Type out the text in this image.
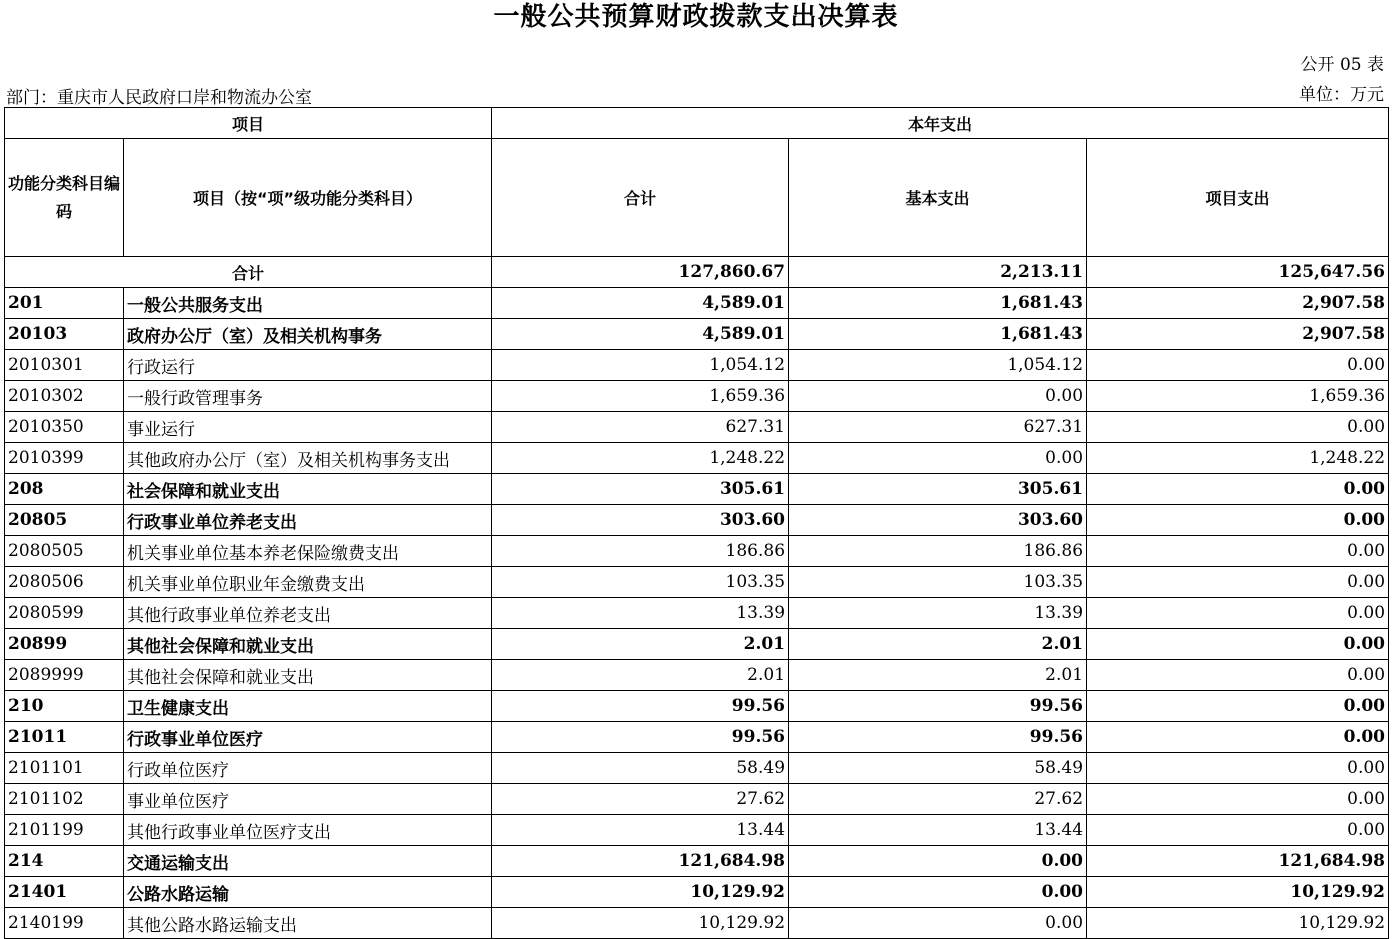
一般公共预算财政拨款支出决算表
公开 05 表
部门：重庆市人民政府口岸和物流办公室	单位：万元
项目		本年支出		
功能分类科目编码	项目（按“项”级功能分类科目）	合计	基本支出	项目支出
合计		127,860.67	2,213.11	125,647.56
201	一般公共服务支出	4,589.01	1,681.43	2,907.58
20103	政府办公厅（室）及相关机构事务	4,589.01	1,681.43	2,907.58
2010301	行政运行	1,054.12	1,054.12	0.00
2010302	一般行政管理事务	1,659.36	0.00	1,659.36
2010350	事业运行	627.31	627.31	0.00
2010399	其他政府办公厅（室）及相关机构事务支出	1,248.22	0.00	1,248.22
208	社会保障和就业支出	305.61	305.61	0.00
20805	行政事业单位养老支出	303.60	303.60	0.00
2080505	机关事业单位基本养老保险缴费支出	186.86	186.86	0.00
2080506	机关事业单位职业年金缴费支出	103.35	103.35	0.00
2080599	其他行政事业单位养老支出	13.39	13.39	0.00
20899	其他社会保障和就业支出	2.01	2.01	0.00
2089999	其他社会保障和就业支出	2.01	2.01	0.00
210	卫生健康支出	99.56	99.56	0.00
21011	行政事业单位医疗	99.56	99.56	0.00
2101101	行政单位医疗	58.49	58.49	0.00
2101102	事业单位医疗	27.62	27.62	0.00
2101199	其他行政事业单位医疗支出	13.44	13.44	0.00
214	交通运输支出	121,684.98	0.00	121,684.98
21401	公路水路运输	10,129.92	0.00	10,129.92
2140199	其他公路水路运输支出	10,129.92	0.00	10,129.92
